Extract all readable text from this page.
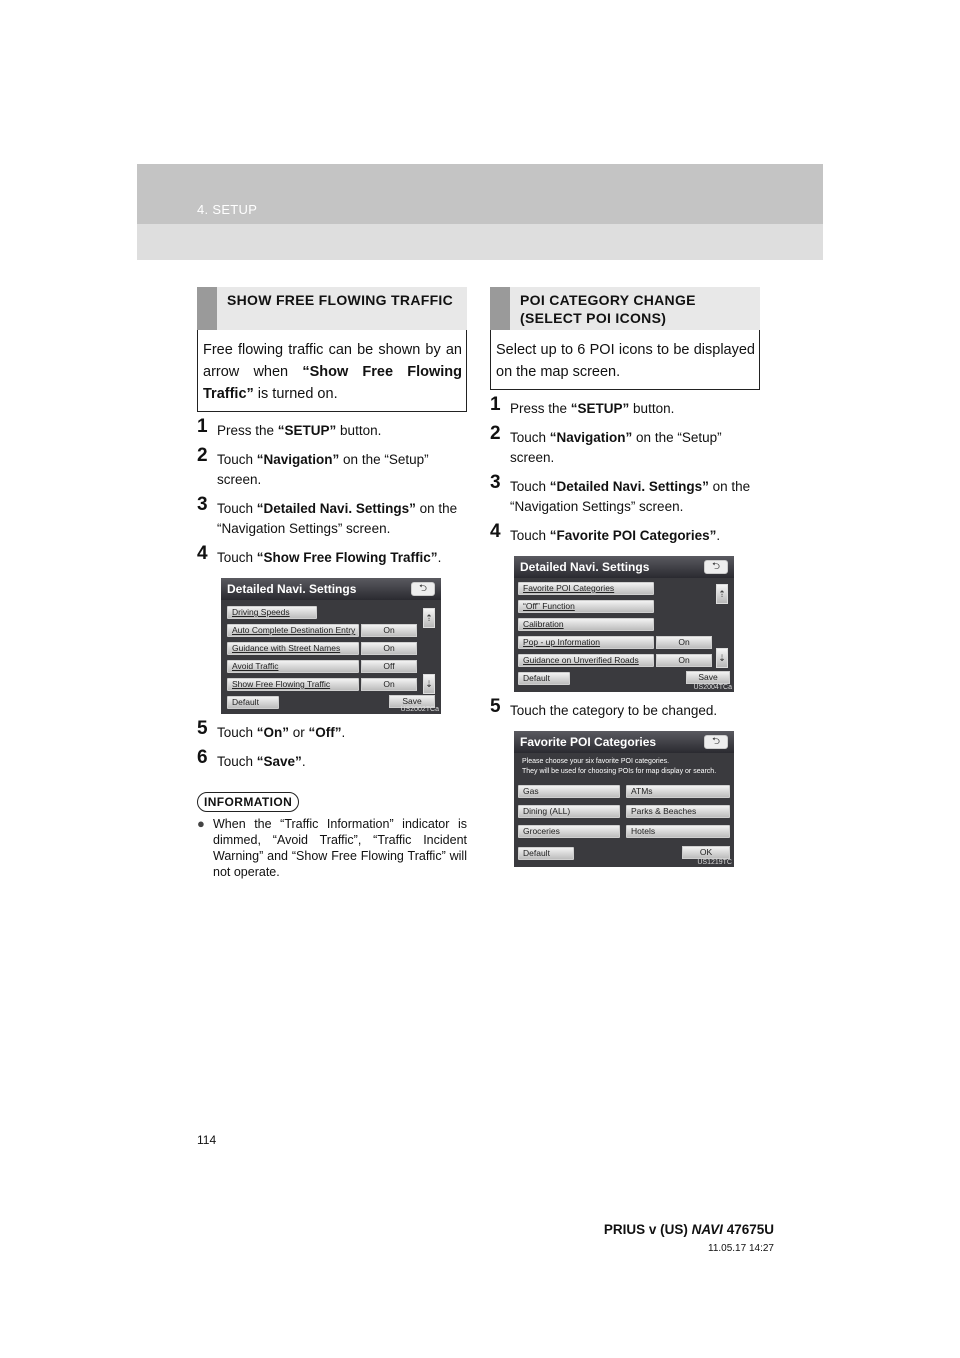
4. SETUP
SHOW FREE FLOWING TRAFFIC
Free flowing traffic can be shown by an arrow when “Show Free Flowing Traffic” is turned on.
1 Press the “SETUP” button.
2 Touch “Navigation” on the “Setup” screen.
3 Touch “Detailed Navi. Settings” on the “Navigation Settings” screen.
4 Touch “Show Free Flowing Traffic”.
Detailed Navi. Settings	⮌
Driving Speeds
Auto Complete Destination Entry	On
Guidance with Street Names	On
Avoid Traffic	Off
Show Free Flowing Traffic	On
⇡
⇣
Default	Save
US2002TCa
5 Touch “On” or “Off”.
6 Touch “Save”.
INFORMATION
● When the “Traffic Information” indicator is dimmed, “Avoid Traffic”, “Traffic Incident Warning” and “Show Free Flowing Traffic” will not operate.
POI CATEGORY CHANGE (SELECT POI ICONS)
Select up to 6 POI icons to be displayed on the map screen.
1 Press the “SETUP” button.
2 Touch “Navigation” on the “Setup” screen.
3 Touch “Detailed Navi. Settings” on the “Navigation Settings” screen.
4 Touch “Favorite POI Categories”.
Detailed Navi. Settings	⮌
Favorite POI Categories
“Off” Function
Calibration
Pop - up Information	On
Guidance on Unverified Roads	On
⇡
⇣
Default	Save
US2004TCa
5 Touch the category to be changed.
Favorite POI Categories	⮌
Please choose your six favorite POI categories.
They will be used for choosing POIs for map display or search.
Gas	ATMs
Dining (ALL)	Parks & Beaches
Groceries	Hotels
Default	OK
US1219TC
114
PRIUS v (US) NAVI 47675U
11.05.17 14:27
